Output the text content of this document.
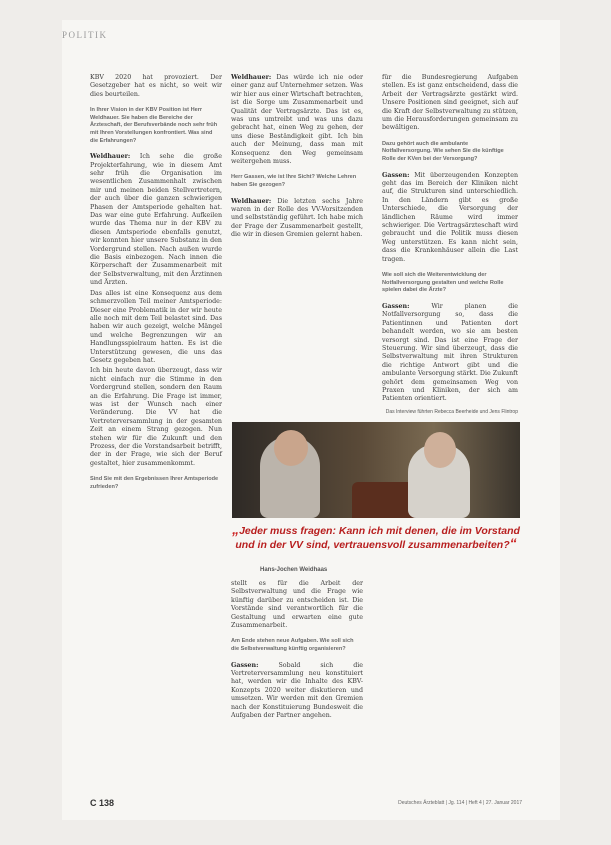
POLITIK

KBV 2020 hat provoziert. Der Gesetzgeber hat es nicht, so weit wir dies beurteilen.

In Ihrer Vision in der KBV Position ist Herr Weldhauer. Sie haben die Bereiche der Ärzteschaft, der Berufsverbände noch sehr früh mit Ihren Vorstellungen konfrontiert. Was sind die Erfahrungen?

Weldhauer: Ich sehe die große Projekterfahrung, wie in diesem Amt sehr früh die Organisation im wesentlichen Zusammenhalt zwischen mir und meinen beiden Stellvertretern, der auch über die ganzen schwierigen Phasen der Amtsperiode gehalten hat. Das war eine gute Erfahrung. Aufkeilen wurde das Thema nur in der KBV zu diesen Amtsperiode ebenfalls genutzt, wir konnten hier unsere Substanz in den Vordergrund stellen. Nach außen wurde die Basis einbezogen. Nach innen die Körperschaft der Zusammenarbeit mit der Selbstverwaltung, mit den Ärztinnen und Ärzten.

Das alles ist eine Konsequenz aus dem schmerzvollen Teil meiner Amtsperiode: Dieser eine Problematik in der wir heute alle noch mit dem Teil belastet sind. Das haben wir auch gezeigt, welche Mängel und welche Begrenzungen wir an Handlungsspielraum hatten. Es ist die Unterstützung gewesen, die uns das Gesetz gegeben hat.

Ich bin heute davon überzeugt, dass wir nicht einfach nur die Stimme in den Vordergrund stellen, sondern den Raum an die Erfahrung. Die Frage ist immer, was ist der Wunsch nach einer Veränderung. Die VV hat die Vertreterversammlung in der gesamten Zeit an einem Strang gezogen. Nun stehen wir für die Zukunft und den Prozess, der die Vorstandsarbeit betrifft, der in der Frage, wie sich der Beruf gestaltet, hier zusammenkommt.

Sind Sie mit den Ergebnissen Ihrer Amtsperiode zufrieden?

Weldhauer: Das würde ich nie oder einer ganz auf Unternehmer setzen. Was wir hier aus einer Wirtschaft betrachten, ist die Sorge um Zusammenarbeit und Qualität der Vertragsärzte. Das ist es, was uns umtreibt und was uns dazu gebracht hat, einen Weg zu gehen, der uns diese Beständigkeit gibt. Ich bin auch der Meinung, dass man mit Konsequenz den Weg gemeinsam weitergehen muss.

Herr Gassen, wie ist Ihre Sicht? Welche Lehren haben Sie gezogen?

Weldhauer: Die letzten sechs Jahre waren in der Rolle des VV-Vorsitzenden und selbstständig geführt. Ich habe mich der Frage der Zusammenarbeit gestellt, die wir in diesen Gremien gelernt haben.

„Jeder muss fragen: Kann ich mit denen, die im Vorstand und in der VV sind, vertrauensvoll zusammenarbeiten?“
Hans-Jochen Weidhaas

stellt es für die Arbeit der Selbstverwaltung und die Frage wie künftig darüber zu entscheiden ist. Die Vorstände sind verantwortlich für die Gestaltung und erwarten eine gute Zusammenarbeit.

Am Ende stehen neue Aufgaben. Wie soll sich die Selbstverwaltung künftig organisieren?

Gassen:	Sobald sich die Vertreterversammlung neu konstituiert hat, werden wir die Inhalte des KBV-Konzepts 2020 weiter diskutieren und umsetzen. Wir werden mit den Gremien nach der Konstituierung Bundesweit die Aufgaben der Partner angehen.

für die Bundesregierung Aufgaben stellen. Es ist ganz entscheidend, dass die Arbeit der Vertragsärzte gestärkt wird. Unsere Positionen sind geeignet, sich auf die Kraft der Selbstverwaltung zu stützen, um die Herausforderungen gemeinsam zu bewältigen.

Dazu gehört auch die ambulante Notfallversorgung. Wie sehen Sie die künftige Rolle der KVen bei der Versorgung?

Gassen: Mit überzeugenden Konzepten geht das im Bereich der Kliniken nicht auf, die Strukturen sind unterschiedlich. In den Ländern gibt es große Unterschiede, die Versorgung der ländlichen Räume wird immer schwieriger. Die Vertragsärzteschaft wird gebraucht und die Politik muss diesen Weg unterstützen. Es kann nicht sein, dass die Krankenhäuser allein die Last tragen.

Wie soll sich die Weiterentwicklung der Notfallversorgung gestalten und welche Rolle spielen dabei die Ärzte?

Gassen:	Wir planen die Notfallversorgung so, dass die Patientinnen und Patienten dort behandelt werden, wo sie am besten versorgt sind. Das ist eine Frage der Steuerung. Wir sind überzeugt, dass die Selbstverwaltung mit ihren Strukturen die richtige Antwort gibt und die ambulante Versorgung stärkt. Die Zukunft gehört dem gemeinsamen Weg von Praxen und Kliniken, der sich am Patienten orientiert.

Das Interview führten Rebecca Beerheide und Jens Flintrop

C 138	Deutsches Ärzteblatt | Jg. 114 | Heft 4 | 27. Januar 2017
